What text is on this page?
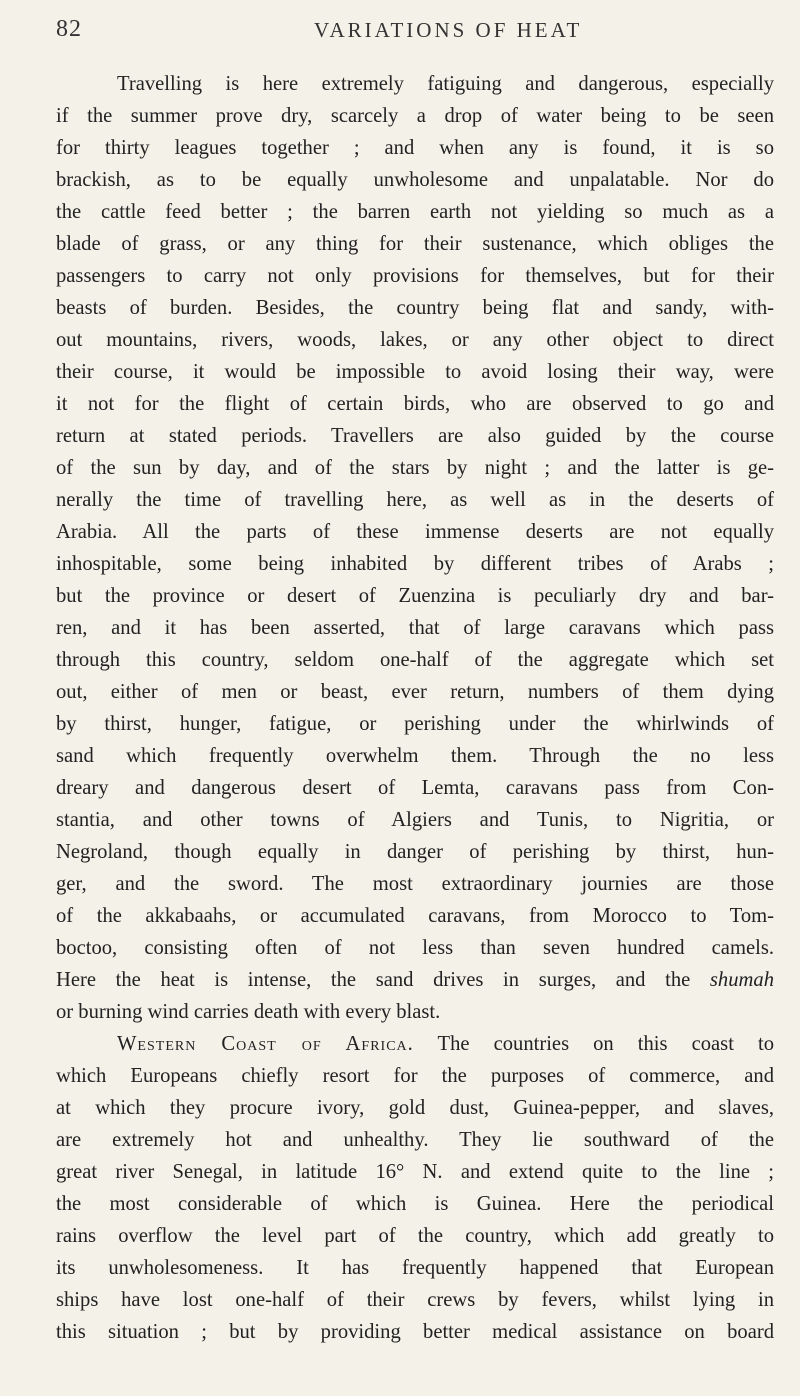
82	VARIATIONS OF HEAT
Travelling is here extremely fatiguing and dangerous, especially
if the summer prove dry, scarcely a drop of water being to be seen
for thirty leagues together ; and when any is found, it is so
brackish, as to be equally unwholesome and unpalatable. Nor do
the cattle feed better ; the barren earth not yielding so much as a
blade of grass, or any thing for their sustenance, which obliges the
passengers to carry not only provisions for themselves, but for their
beasts of burden. Besides, the country being flat and sandy, with-
out mountains, rivers, woods, lakes, or any other object to direct
their course, it would be impossible to avoid losing their way, were
it not for the flight of certain birds, who are observed to go and
return at stated periods. Travellers are also guided by the course
of the sun by day, and of the stars by night ; and the latter is ge-
nerally the time of travelling here, as well as in the deserts of
Arabia. All the parts of these immense deserts are not equally
inhospitable, some being inhabited by different tribes of Arabs ;
but the province or desert of Zuenzina is peculiarly dry and bar-
ren, and it has been asserted, that of large caravans which pass
through this country, seldom one-half of the aggregate which set
out, either of men or beast, ever return, numbers of them dying
by thirst, hunger, fatigue, or perishing under the whirlwinds of
sand which frequently overwhelm them. Through the no less
dreary and dangerous desert of Lemta, caravans pass from Con-
stantia, and other towns of Algiers and Tunis, to Nigritia, or
Negroland, though equally in danger of perishing by thirst, hun-
ger, and the sword. The most extraordinary journies are those
of the akkabaahs, or accumulated caravans, from Morocco to Tom-
boctoo, consisting often of not less than seven hundred camels.
Here the heat is intense, the sand drives in surges, and the shumah
or burning wind carries death with every blast.
Western Coast of Africa. The countries on this coast to
which Europeans chiefly resort for the purposes of commerce, and
at which they procure ivory, gold dust, Guinea-pepper, and slaves,
are extremely hot and unhealthy. They lie southward of the
great river Senegal, in latitude 16° N. and extend quite to the line ;
the most considerable of which is Guinea. Here the periodical
rains overflow the level part of the country, which add greatly to
its unwholesomeness. It has frequently happened that European
ships have lost one-half of their crews by fevers, whilst lying in
this situation ; but by providing better medical assistance on board
